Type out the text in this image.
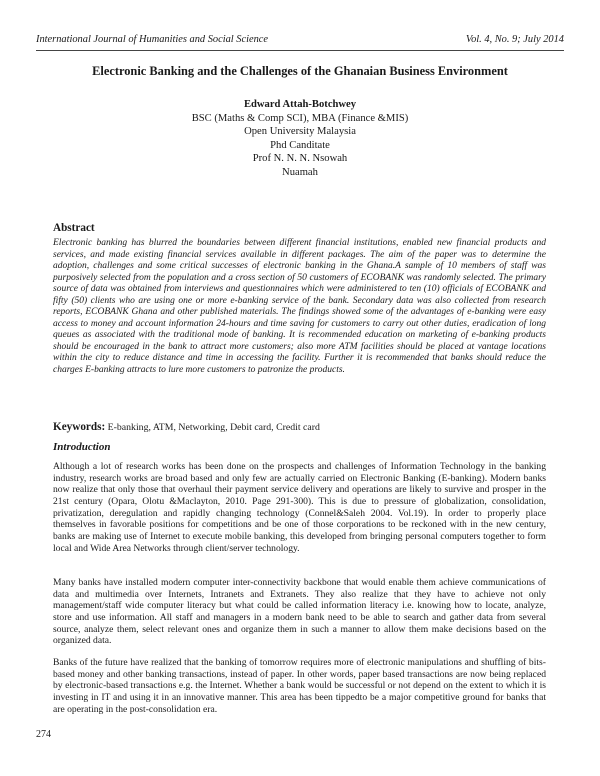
International Journal of Humanities and Social Science	Vol. 4, No. 9; July 2014
Electronic Banking and the Challenges of the Ghanaian Business Environment
Edward Attah-Botchwey
BSC (Maths & Comp SCI), MBA (Finance &MIS)
Open University Malaysia
Phd Canditate
Prof N. N. N. Nsowah
Nuamah
Abstract

Electronic banking has blurred the boundaries between different financial institutions, enabled new financial products and services, and made existing financial services available in different packages. The aim of the paper was to determine the adoption, challenges and some critical successes of electronic banking in the Ghana.A sample of 10 members of staff was purposively selected from the population and a cross section of 50 customers of ECOBANK was randomly selected. The primary source of data was obtained from interviews and questionnaires which were administered to ten (10) officials of ECOBANK and fifty (50) clients who are using one or more e-banking service of the bank. Secondary data was also collected from research reports, ECOBANK Ghana and other published materials. The findings showed some of the advantages of e-banking were easy access to money and account information 24-hours and time saving for customers to carry out other duties, eradication of long queues as associated with the traditional mode of banking. It is recommended education on marketing of e-banking products should be encouraged in the bank to attract more customers; also more ATM facilities should be placed at vantage locations within the city to reduce distance and time in accessing the facility. Further it is recommended that banks should reduce the charges E-banking attracts to lure more customers to patronize the products.

Keywords: E-banking, ATM, Networking, Debit card, Credit card
Introduction

Although a lot of research works has been done on the prospects and challenges of Information Technology in the banking industry, research works are broad based and only few are actually carried on Electronic Banking (E-banking). Modern banks now realize that only those that overhaul their payment service delivery and operations are likely to survive and prosper in the 21st century (Opara, Olotu &Maclayton, 2010. Page 291-300). This is due to pressure of globalization, consolidation, privatization, deregulation and rapidly changing technology (Connel&Saleh 2004. Vol.19). In order to properly place themselves in favorable positions for competitions and be one of those corporations to be reckoned with in the new century, banks are making use of Internet to execute mobile banking, this developed from bringing personal computers together to form local and Wide Area Networks through client/server technology.

Many banks have installed modern computer inter-connectivity backbone that would enable them achieve communications of data and multimedia over Internets, Intranets and Extranets. They also realize that they have to achieve not only management/staff wide computer literacy but what could be called information literacy i.e. knowing how to locate, analyze, store and use information. All staff and managers in a modern bank need to be able to search and gather data from several source, analyze them, select relevant ones and organize them in such a manner to allow them make decisions based on the organized data.

Banks of the future have realized that the banking of tomorrow requires more of electronic manipulations and shuffling of bits-based money and other banking transactions, instead of paper. In other words, paper based transactions are now being replaced by electronic-based transactions e.g. the Internet. Whether a bank would be successful or not depend on the extent to which it is investing in IT and using it in an innovative manner. This area has been tippedto be a major competitive ground for banks that are operating in the post-consolidation era.

274
